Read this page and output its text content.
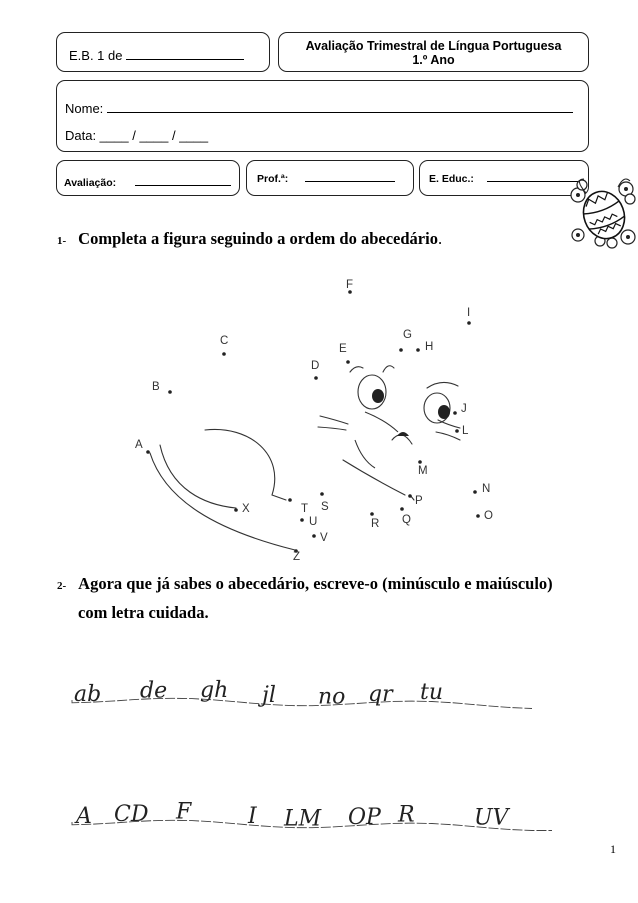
E.B. 1 de
Avaliação Trimestral de Língua Portuguesa
1.º Ano
Nome:
Data: ____ / ____ / ____
Avaliação:	Prof.ª:	E. Educ.:
1- Completa a figura seguindo a ordem do abecedário.
A
B
C
D
E
F
G
H
I
J
L
M
N
O
P
Q
R
S
T
U
V
X
Z
2- Agora que já sabes o abecedário, escreve-o (minúsculo e maiúsculo)
com letra cuidada.
ab de gh jl no qr tu
A CD F	I LM OP R	UV
1
